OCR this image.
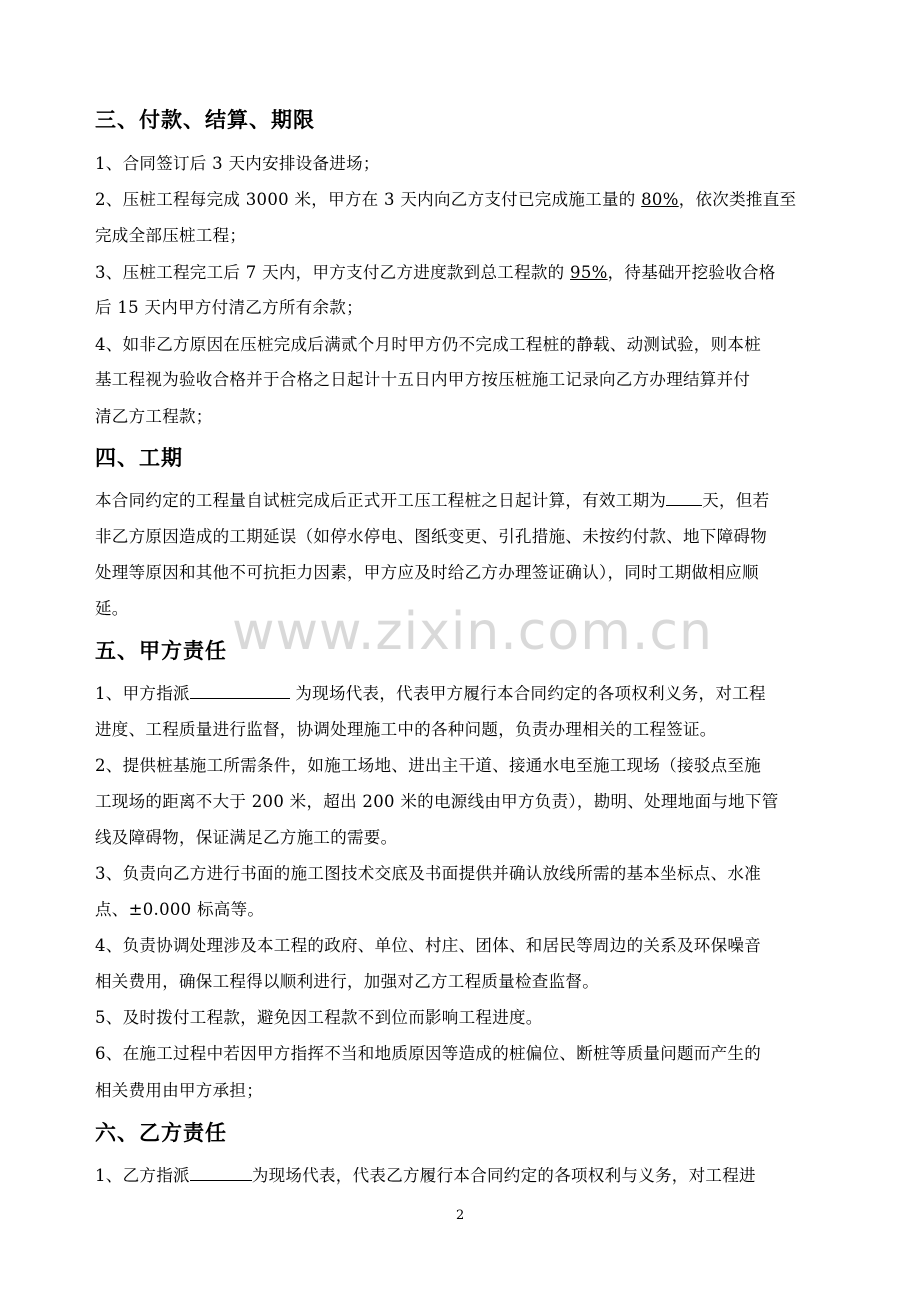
www.zixin.com.cn
三、付款、结算、期限
1、合同签订后 3 天内安排设备进场；
2、压桩工程每完成 3000 米，甲方在 3 天内向乙方支付已完成施工量的 80%，依次类推直至
完成全部压桩工程；
3、压桩工程完工后 7 天内，甲方支付乙方进度款到总工程款的 95%，待基础开挖验收合格
后 15 天内甲方付清乙方所有余款；
4、如非乙方原因在压桩完成后满贰个月时甲方仍不完成工程桩的静载、动测试验，则本桩
基工程视为验收合格并于合格之日起计十五日内甲方按压桩施工记录向乙方办理结算并付
清乙方工程款；
四、工期
本合同约定的工程量自试桩完成后正式开工压工程桩之日起计算，有效工期为 天，但若
非乙方原因造成的工期延误（如停水停电、图纸变更、引孔措施、未按约付款、地下障碍物
处理等原因和其他不可抗拒力因素，甲方应及时给乙方办理签证确认），同时工期做相应顺
延。
五、甲方责任
1、甲方指派	为现场代表，代表甲方履行本合同约定的各项权利义务，对工程
进度、工程质量进行监督，协调处理施工中的各种问题，负责办理相关的工程签证。
2、提供桩基施工所需条件，如施工场地、进出主干道、接通水电至施工现场（接驳点至施
工现场的距离不大于 200 米，超出 200 米的电源线由甲方负责），勘明、处理地面与地下管
线及障碍物，保证满足乙方施工的需要。
3、负责向乙方进行书面的施工图技术交底及书面提供并确认放线所需的基本坐标点、水准
点、±0.000 标高等。
4、负责协调处理涉及本工程的政府、单位、村庄、团体、和居民等周边的关系及环保噪音
相关费用，确保工程得以顺利进行，加强对乙方工程质量检查监督。
5、及时拨付工程款，避免因工程款不到位而影响工程进度。
6、在施工过程中若因甲方指挥不当和地质原因等造成的桩偏位、断桩等质量问题而产生的
相关费用由甲方承担；
六、乙方责任
1、乙方指派	为现场代表，代表乙方履行本合同约定的各项权利与义务，对工程进
2
